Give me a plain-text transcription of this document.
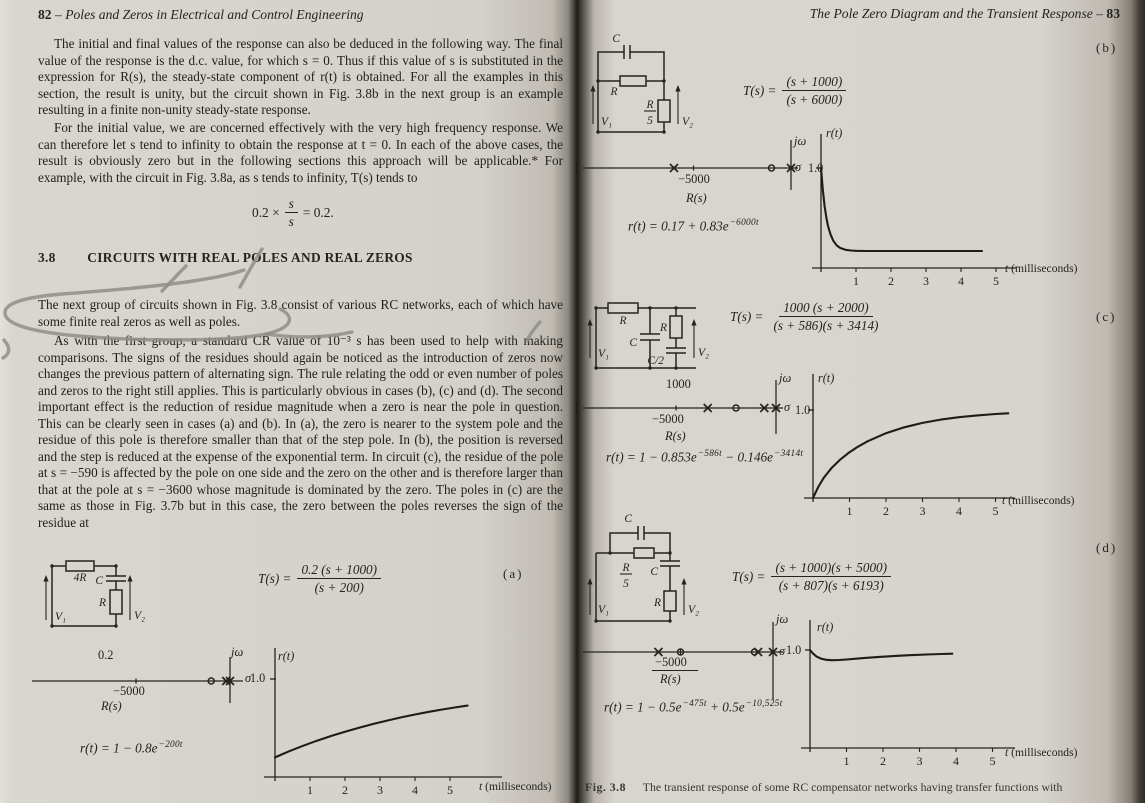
82 – Poles and Zeros in Electrical and Control Engineering
The initial and final values of the response can also be deduced in the following way. The final value of the response is the d.c. value, for which s = 0. Thus if this value of s is substituted in the expression for R(s), the steady-state component of r(t) is obtained. For all the examples in this section, the result is unity, but the circuit shown in Fig. 3.8b in the next group is an example resulting in a finite non-unity steady-state response.
For the initial value, we are concerned effectively with the very high frequency response. We can therefore let s tend to infinity to obtain the response at t = 0. In each of the above cases, the result is obviously zero but in the following sections this approach will be applicable.* For example, with the circuit in Fig. 3.8a, as s tends to infinity, T(s) tends to
$0.2 \times \frac{s}{s} = 0.2$.
3.8 CIRCUITS WITH REAL POLES AND REAL ZEROS
The next group of circuits shown in Fig. 3.8 consist of various RC networks, each of which have some finite real zeros as well as poles.
As with the first group, a standard CR value of 10⁻³ s has been used to help with making comparisons. The signs of the residues should again be noticed as the introduction of zeros now changes the previous pattern of alternating sign. The rule relating the odd or even number of poles and zeros to the right still applies. This is particularly obvious in cases (b), (c) and (d). The second important effect is the reduction of residue magnitude when a zero is near the pole in question. This can be clearly seen in cases (a) and (b). In (a), the zero is nearer to the system pole and the residue of this pole is therefore smaller than that of the step pole. In (b), the position is reversed and the step is reduced at the expense of the exponential term. In circuit (c), the residue of the pole at s = −590 is affected by the pole on one side and the zero on the other and is therefore larger than that at the pole at s = −3600 whose magnitude is dominated by the zero. The poles in (c) are the same as those in Fig. 3.7b but in this case, the zero between the poles reverses the sign of the residue at
4R C
R
V₁	V₂
$T(s) = \frac{0.2 (s + 1000)}{(s + 200)}$	(a)
0.2	jω
σ
−5000
R(s)
$r(t) = 1 - 0.8e^{-200t}$
1 2 3 4 5
r(t)
1.0
t (milliseconds)
The Pole Zero Diagram and the Transient Response – 83
C
R
R
5
V₁	V₂
$T(s) = \frac{(s + 1000)}{(s + 6000)}$
(b)
jω
σ
−5000
R(s)
$r(t) = 0.17 + 0.83e^{-6000t}$
1 2 3 4 5
r(t)
1.0
t (milliseconds)
R
C
R
C/2
V₁	V₂
$T(s) = \frac{1000 (s + 2000)}{(s + 586)(s + 3414)}$	(c)
1000	jω
σ
−5000
R(s)
$r(t) = 1 - 0.853e^{-586t} - 0.146e^{-3414t}$
1	2	3	4	5
r(t)
1.0
t (milliseconds)
C
R
5
C
R
V₁	V₂
$T(s) = \frac{(s + 1000)(s + 5000)}{(s + 807)(s + 6193)}$
(d)
jω
σ
−5000
R(s)
$r(t) = 1 - 0.5e^{-475t} + 0.5e^{-10,525t}$
1	2	3	4	5
r(t)
1.0
t (milliseconds)
Fig. 3.8 The transient response of some RC compensator networks having transfer functions with
